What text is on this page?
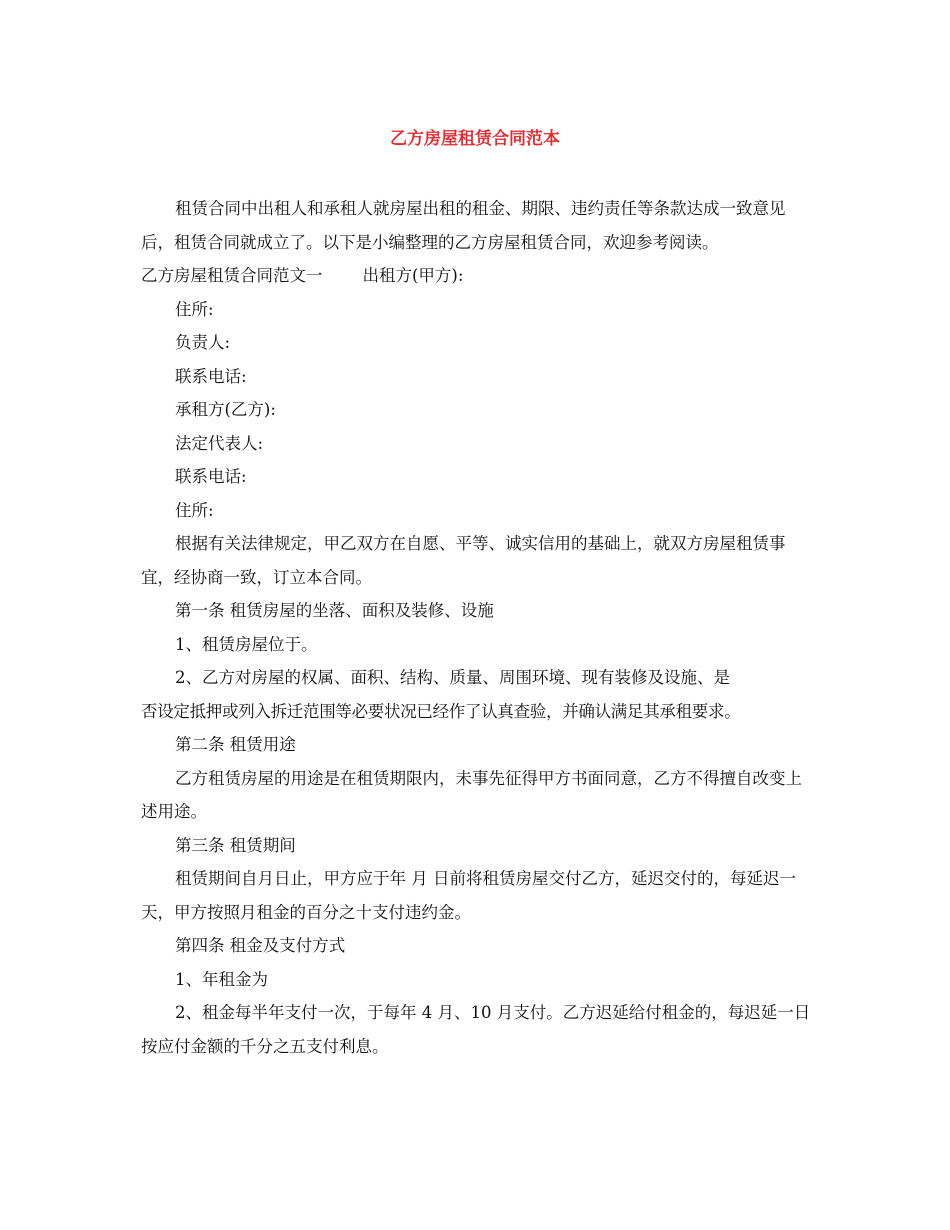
乙方房屋租赁合同范本

租赁合同中出租人和承租人就房屋出租的租金、期限、违约责任等条款达成一致意见后，租赁合同就成立了。以下是小编整理的乙方房屋租赁合同，欢迎参考阅读。

乙方房屋租赁合同范文一 出租方(甲方):

住所:

负责人:

联系电话:

承租方(乙方):

法定代表人:

联系电话:

住所:

根据有关法律规定，甲乙双方在自愿、平等、诚实信用的基础上，就双方房屋租赁事宜，经协商一致，订立本合同。

第一条 租赁房屋的坐落、面积及装修、设施

1、租赁房屋位于。

2、乙方对房屋的权属、面积、结构、质量、周围环境、现有装修及设施、是

否设定抵押或列入拆迁范围等必要状况已经作了认真查验，并确认满足其承租要求。

第二条 租赁用途

乙方租赁房屋的用途是在租赁期限内，未事先征得甲方书面同意，乙方不得擅自改变上述用途。

第三条 租赁期间

租赁期间自月日止，甲方应于年 月 日前将租赁房屋交付乙方，延迟交付的，每延迟一天，甲方按照月租金的百分之十支付违约金。

第四条 租金及支付方式

1、年租金为

2、租金每半年支付一次，于每年 4 月、10 月支付。乙方迟延给付租金的，每迟延一日按应付金额的千分之五支付利息。
